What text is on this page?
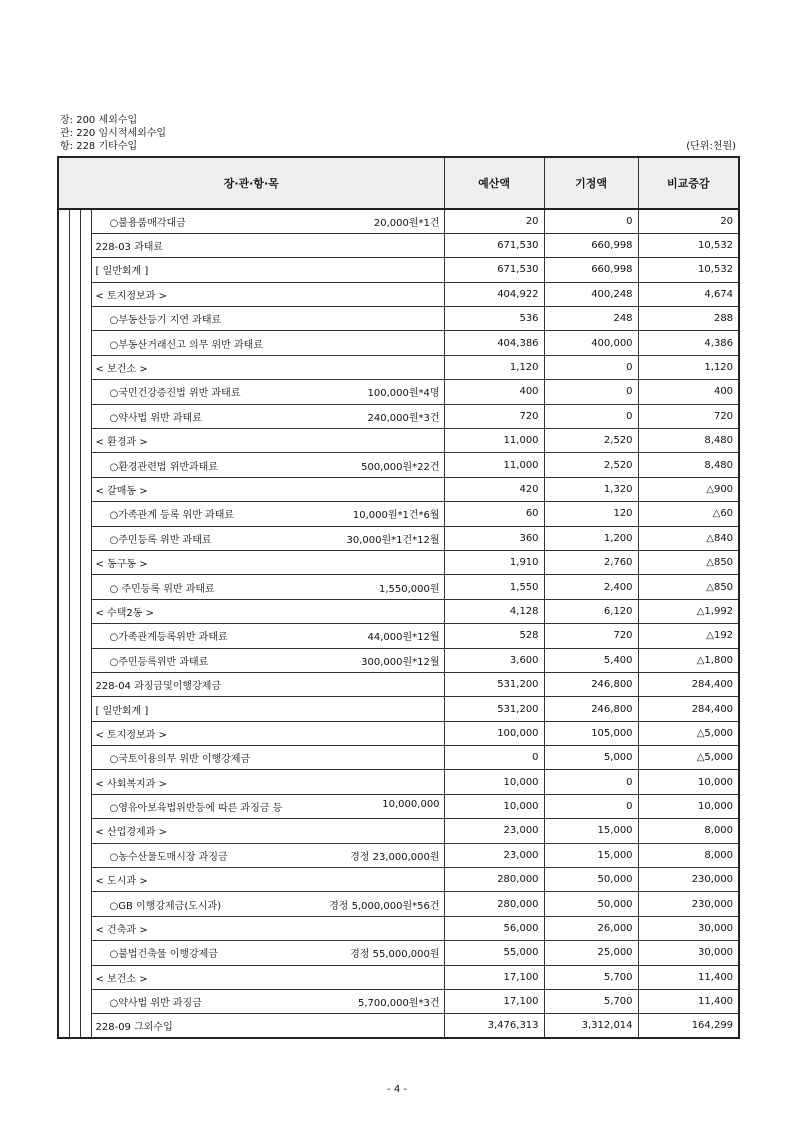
장: 200 세외수입
관: 220 임시적세외수입
항: 228 기타수입	(단위:천원)
장·관·항·목				예산액	기정액	비교증감

			○불용품매각대금 20,000원*1건	20	0	20

			228-03 과태료	671,530	660,998	10,532

			[ 일반회계 ]	671,530	660,998	10,532

			< 토지정보과 >	404,922	400,248	4,674

			○부동산등기 지연 과태료	536	248	288

			○부동산거래신고 의무 위반 과태료	404,386	400,000	4,386

			< 보건소 >	1,120	0	1,120

			○국민건강증진법 위반 과태료 100,000원*4명	400	0	400

			○약사법 위반 과태료 240,000원*3건	720	0	720

			< 환경과 >	11,000	2,520	8,480

			○환경관련법 위반과태료 500,000원*22건	11,000	2,520	8,480

			< 갈매동 >	420	1,320	△900

			○가족관계 등록 위반 과태료 10,000원*1건*6월	60	120	△60

			○주민등록 위반 과태료 30,000원*1건*12월	360	1,200	△840

			< 동구동 >	1,910	2,760	△850

			○ 주민등록 위반 과태료 1,550,000원	1,550	2,400	△850

			< 수택2동 >	4,128	6,120	△1,992

			○가족관계등록위반 과태료 44,000원*12월	528	720	△192

			○주민등록위반 과태료 300,000원*12월	3,600	5,400	△1,800

			228-04 과징금및이행강제금	531,200	246,800	284,400

			[ 일반회계 ]	531,200	246,800	284,400

			< 토지정보과 >	100,000	105,000	△5,000

			○국토이용의무 위반 이행강제금	0	5,000	△5,000

			< 사회복지과 >	10,000	0	10,000

			○영유아보육법위반등에 따른 과징금 등 10,000,000	10,000	0	10,000

			< 산업경제과 >	23,000	15,000	8,000

			○농수산물도매시장 과징금 경정 23,000,000원	23,000	15,000	8,000

			< 도시과 >	280,000	50,000	230,000

			○GB 이행강제금(도시과) 경정 5,000,000원*56건	280,000	50,000	230,000

			< 건축과 >	56,000	26,000	30,000

			○불법건축물 이행강제금 경정 55,000,000원	55,000	25,000	30,000

			< 보건소 >	17,100	5,700	11,400

			○약사법 위반 과징금 5,700,000원*3건	17,100	5,700	11,400

			228-09 그외수입	3,476,313	3,312,014	164,299
- 4 -
